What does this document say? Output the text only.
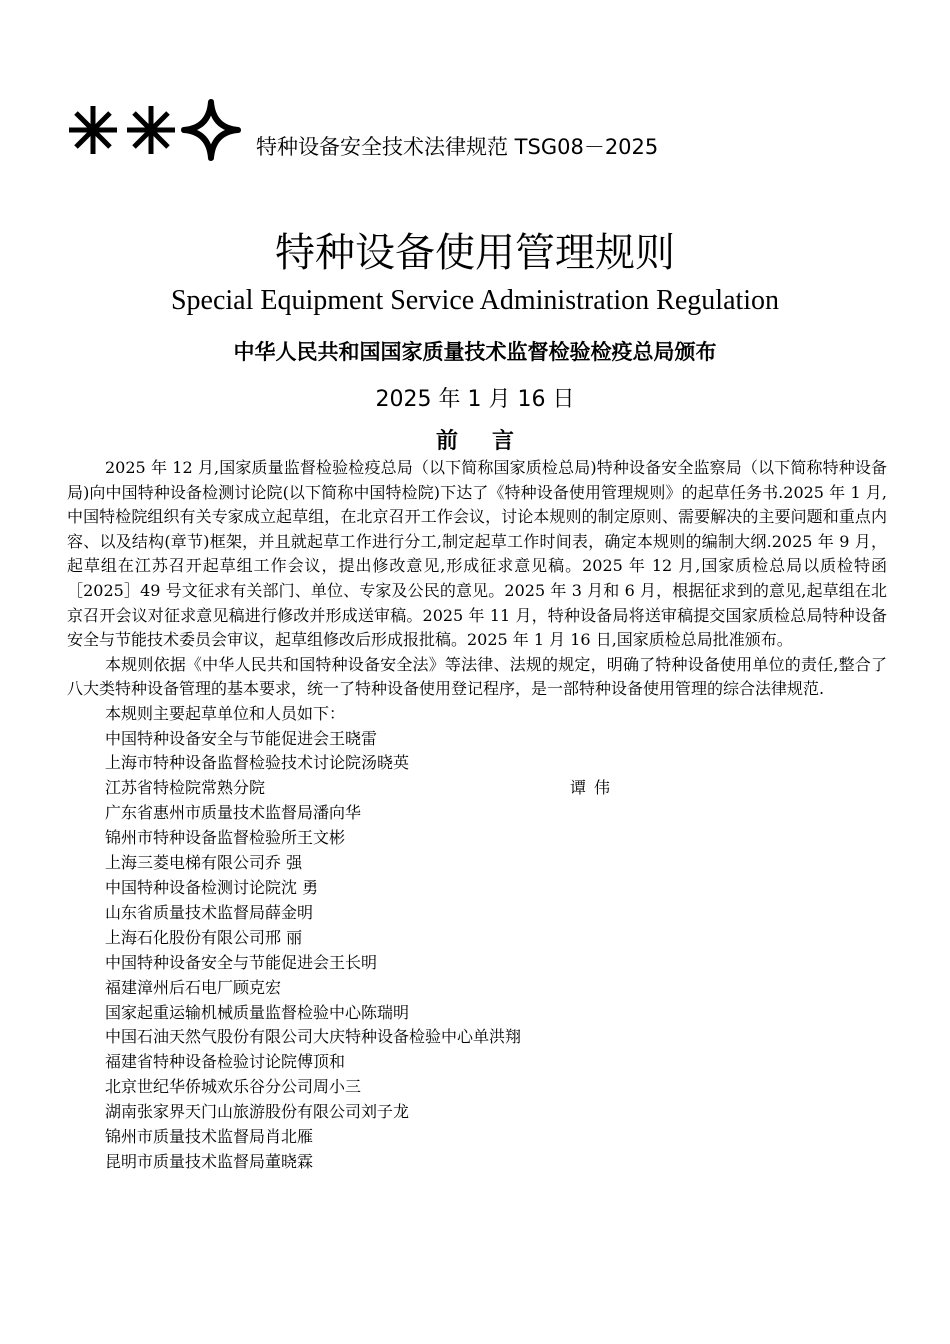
特种设备安全技术法律规范 TSG08－2025
特种设备使用管理规则
Special Equipment Service Administration Regulation
中华人民共和国国家质量技术监督检验检疫总局颁布
2025 年 1 月 16 日
前言

2025 年 12 月,国家质量监督检验检疫总局（以下简称国家质检总局)特种设备安全监察局（以下简称特种设备局)向中国特种设备检测讨论院(以下简称中国特检院)下达了《特种设备使用管理规则》的起草任务书.2025 年 1 月,中国特检院组织有关专家成立起草组，在北京召开工作会议，讨论本规则的制定原则、需要解决的主要问题和重点内容、以及结构(章节)框架，并且就起草工作进行分工,制定起草工作时间表，确定本规则的编制大纲.2025 年 9 月，起草组在江苏召开起草组工作会议，提出修改意见,形成征求意见稿。2025 年 12 月,国家质检总局以质检特函［2025］49 号文征求有关部门、单位、专家及公民的意见。2025 年 3 月和 6 月，根据征求到的意见,起草组在北京召开会议对征求意见稿进行修改并形成送审稿。2025 年 11 月，特种设备局将送审稿提交国家质检总局特种设备安全与节能技术委员会审议，起草组修改后形成报批稿。2025 年 1 月 16 日,国家质检总局批准颁布。

本规则依据《中华人民共和国特种设备安全法》等法律、法规的规定，明确了特种设备使用单位的责任,整合了八大类特种设备管理的基本要求，统一了特种设备使用登记程序，是一部特种设备使用管理的综合法律规范.

本规则主要起草单位和人员如下：

中国特种设备安全与节能促进会王晓雷
上海市特种设备监督检验技术讨论院汤晓英
江苏省特检院常熟分院	谭伟
广东省惠州市质量技术监督局潘向华
锦州市特种设备监督检验所王文彬
上海三菱电梯有限公司乔 强
中国特种设备检测讨论院沈 勇
山东省质量技术监督局薛金明
上海石化股份有限公司邢 丽
中国特种设备安全与节能促进会王长明
福建漳州后石电厂顾克宏
国家起重运输机械质量监督检验中心陈瑞明
中国石油天然气股份有限公司大庆特种设备检验中心单洪翔
福建省特种设备检验讨论院傅顶和
北京世纪华侨城欢乐谷分公司周小三
湖南张家界天门山旅游股份有限公司刘子龙
锦州市质量技术监督局肖北雁
昆明市质量技术监督局董晓霖
